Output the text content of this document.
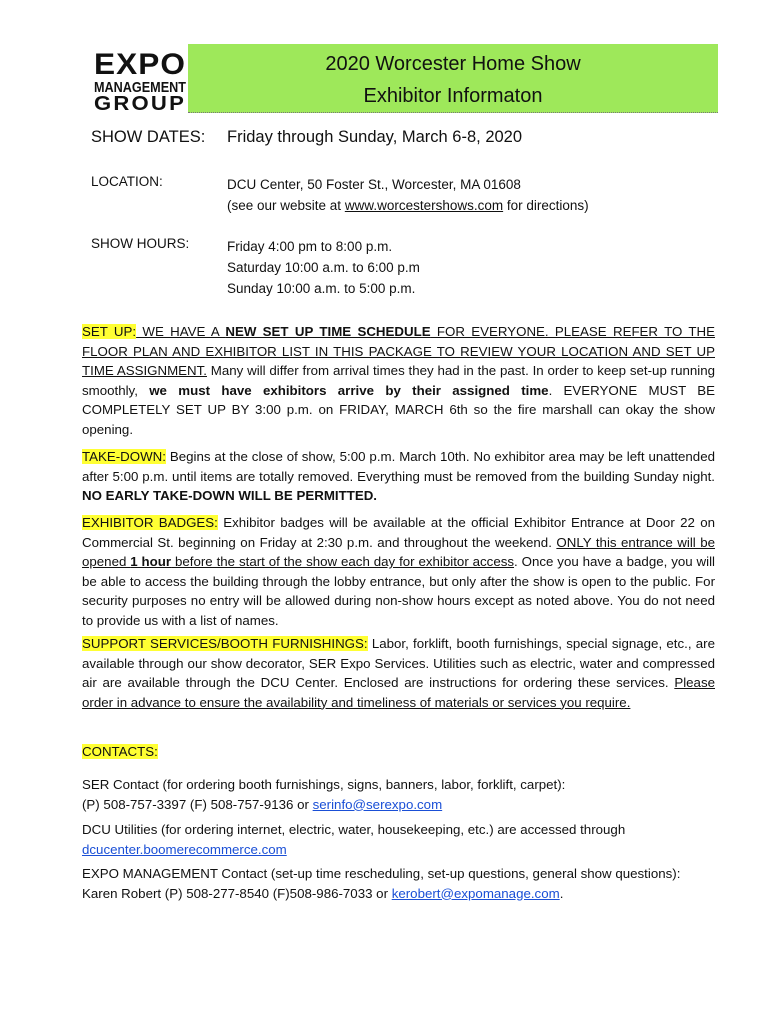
EXPO
MANAGEMENT
GROUP
2020 Worcester Home Show
Exhibitor Informaton
SHOW DATES: Friday through Sunday, March 6-8, 2020
LOCATION:	DCU Center, 50 Foster St., Worcester, MA 01608
(see our website at www.worcestershows.com for directions)
SHOW HOURS:	Friday 4:00 pm to 8:00 p.m.
Saturday 10:00 a.m. to 6:00 p.m
Sunday 10:00 a.m. to 5:00 p.m.
SET UP: WE HAVE A NEW SET UP TIME SCHEDULE FOR EVERYONE. PLEASE REFER TO THE FLOOR PLAN AND EXHIBITOR LIST IN THIS PACKAGE TO REVIEW YOUR LOCATION AND SET UP TIME ASSIGNMENT. Many will differ from arrival times they had in the past. In order to keep set-up running smoothly, we must have exhibitors arrive by their assigned time. EVERYONE MUST BE COMPLETELY SET UP BY 3:00 p.m. on FRIDAY, MARCH 6th so the fire marshall can okay the show opening.
TAKE-DOWN: Begins at the close of show, 5:00 p.m. March 10th. No exhibitor area may be left unattended after 5:00 p.m. until items are totally removed. Everything must be removed from the building Sunday night. NO EARLY TAKE-DOWN WILL BE PERMITTED.
EXHIBITOR BADGES: Exhibitor badges will be available at the official Exhibitor Entrance at Door 22 on Commercial St. beginning on Friday at 2:30 p.m. and throughout the weekend. ONLY this entrance will be opened 1 hour before the start of the show each day for exhibitor access. Once you have a badge, you will be able to access the building through the lobby entrance, but only after the show is open to the public. For security purposes no entry will be allowed during non-show hours except as noted above. You do not need to provide us with a list of names.
SUPPORT SERVICES/BOOTH FURNISHINGS: Labor, forklift, booth furnishings, special signage, etc., are available through our show decorator, SER Expo Services. Utilities such as electric, water and compressed air are available through the DCU Center. Enclosed are instructions for ordering these services. Please order in advance to ensure the availability and timeliness of materials or services you require.
CONTACTS:
SER Contact (for ordering booth furnishings, signs, banners, labor, forklift, carpet):
(P) 508-757-3397 (F) 508-757-9136 or serinfo@serexpo.com
DCU Utilities (for ordering internet, electric, water, housekeeping, etc.) are accessed through
dcucenter.boomerecommerce.com
EXPO MANAGEMENT Contact (set-up time rescheduling, set-up questions, general show questions):
Karen Robert (P) 508-277-8540 (F)508-986-7033 or kerobert@expomanage.com.
